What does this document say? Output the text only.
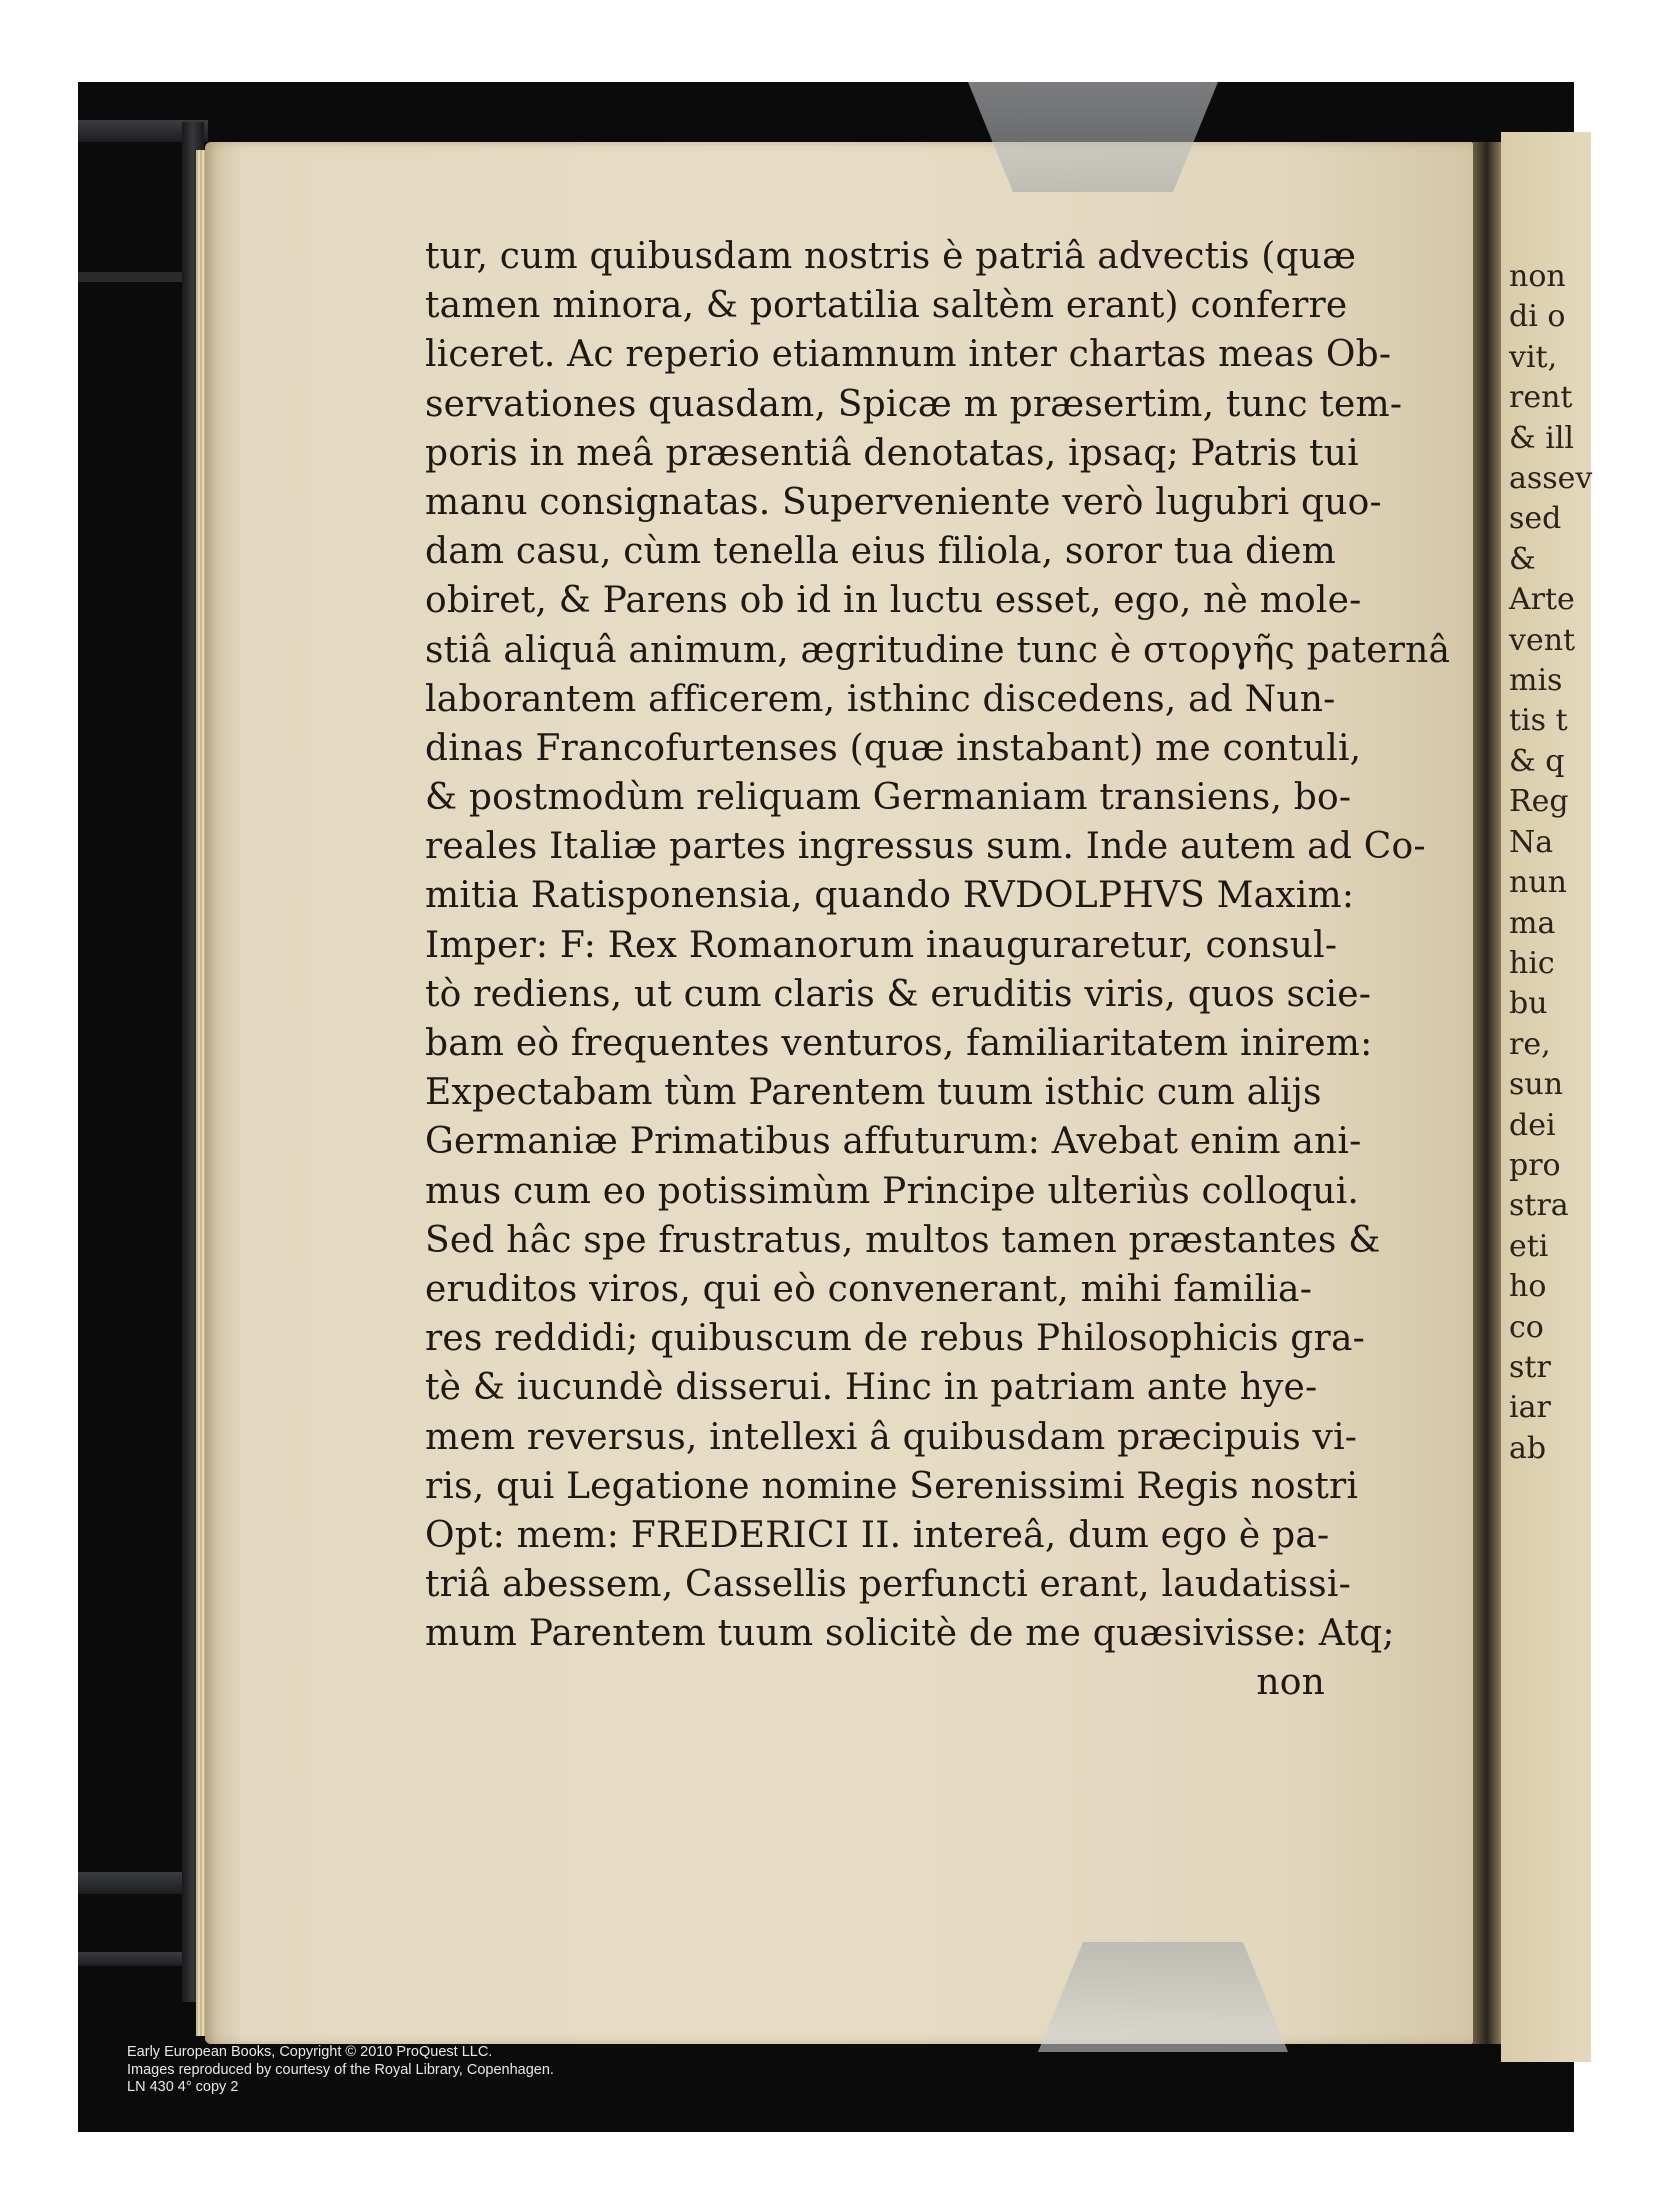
non
di o
vit,
rent
& ill
assev
sed &
Arte
vent
mis
tis t
& q
Reg
Na
nun
ma
hic
bu
re,
sun
dei
pro
stra
eti
ho
co
str
iar
ab
tur, cum quibusdam nostris è patriâ advectis (quæ
tamen minora, & portatilia saltèm erant) conferre
liceret. Ac reperio etiamnum inter chartas meas Ob-
servationes quasdam, Spicæ m præsertim, tunc tem-
poris in meâ præsentiâ denotatas, ipsaq; Patris tui
manu consignatas. Superveniente verò lugubri quo-
dam casu, cùm tenella eius filiola, soror tua diem
obiret, & Parens ob id in luctu esset, ego, nè mole-
stiâ aliquâ animum, ægritudine tunc è στοργῆς paternâ
laborantem afficerem, isthinc discedens, ad Nun-
dinas Francofurtenses (quæ instabant) me contuli,
& postmodùm reliquam Germaniam transiens, bo-
reales Italiæ partes ingressus sum. Inde autem ad Co-
mitia Ratisponensia, quando RVDOLPHVS Maxim:
Imper: F: Rex Romanorum inauguraretur, consul-
tò rediens, ut cum claris & eruditis viris, quos scie-
bam eò frequentes venturos, familiaritatem inirem:
Expectabam tùm Parentem tuum isthic cum aliјs
Germaniæ Primatibus affuturum: Avebat enim ani-
mus cum eo potissimùm Principe ulteriùs colloqui.
Sed hâc spe frustratus, multos tamen præstantes &
eruditos viros, qui eò convenerant, mihi familia-
res reddidi; quibuscum de rebus Philosophicis gra-
tè & iucundè disserui. Hinc in patriam ante hye-
mem reversus, intellexi â quibusdam præcipuis vi-
ris, qui Legatione nomine Serenissimi Regis nostri
Opt: mem: FREDERICI II. intereâ, dum ego è pa-
triâ abessem, Cassellis perfuncti erant, laudatissi-
mum Parentem tuum solicitè de me quæsivisse: Atq;
non
Early European Books, Copyright © 2010 ProQuest LLC.
Images reproduced by courtesy of the Royal Library, Copenhagen.
LN 430 4° copy 2
